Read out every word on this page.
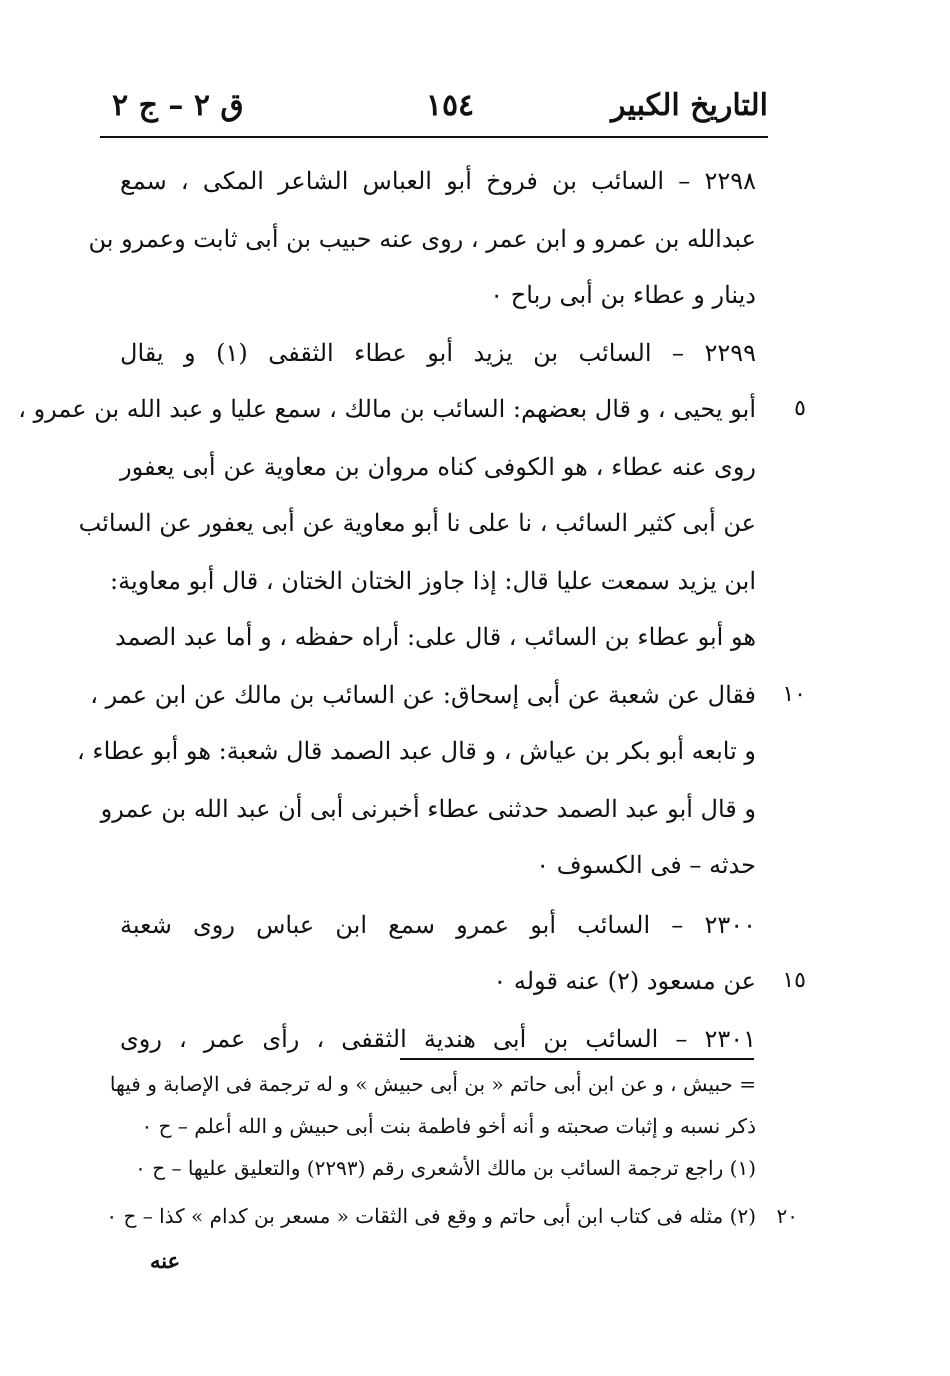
التاريخ الكبير
١٥٤
ق ٢ – ج ٢
٢٢٩٨ – السائب بن فروخ أبو العباس الشاعر المكى ، سمع
عبدالله بن عمرو و ابن عمر ، روى عنه حبيب بن أبى ثابت وعمرو بن
دينار و عطاء بن أبى رباح ٠
٢٢٩٩ – السائب بن يزيد أبو عطاء الثقفى (١) و يقال
أبو يحيى ، و قال بعضهم: السائب بن مالك ، سمع عليا و عبد الله بن عمرو ، ٥
روى عنه عطاء ، هو الكوفى كناه مروان بن معاوية عن أبى يعفور
عن أبى كثير السائب ، نا على نا أبو معاوية عن أبى يعفور عن السائب
ابن يزيد سمعت عليا قال: إذا جاوز الختان الختان ، قال أبو معاوية:
هو أبو عطاء بن السائب ، قال على: أراه حفظه ، و أما عبد الصمد
فقال عن شعبة عن أبى إسحاق: عن السائب بن مالك عن ابن عمر ، ١٠
و تابعه أبو بكر بن عياش ، و قال عبد الصمد قال شعبة: هو أبو عطاء ،
و قال أبو عبد الصمد حدثنى عطاء أخبرنى أبى أن عبد الله بن عمرو
حدثه – فى الكسوف ٠
٢٣٠٠ – السائب أبو عمرو سمع ابن عباس روى شعبة
عن مسعود (٢) عنه قوله ٠ ١٥
٢٣٠١ – السائب بن أبى هندية الثقفى ، رأى عمر ، روى
= حبيش ، و عن ابن أبى حاتم « بن أبى حبيش » و له ترجمة فى الإصابة و فيها
ذكر نسبه و إثبات صحبته و أنه أخو فاطمة بنت أبى حبيش و الله أعلم – ح ٠
(١) راجع ترجمة السائب بن مالك الأشعرى رقم (٢٢٩٣) والتعليق عليها – ح ٠
(٢) مثله فى كتاب ابن أبى حاتم و وقع فى الثقات « مسعر بن كدام » كذا – ح ٠ ٢٠
عنه
